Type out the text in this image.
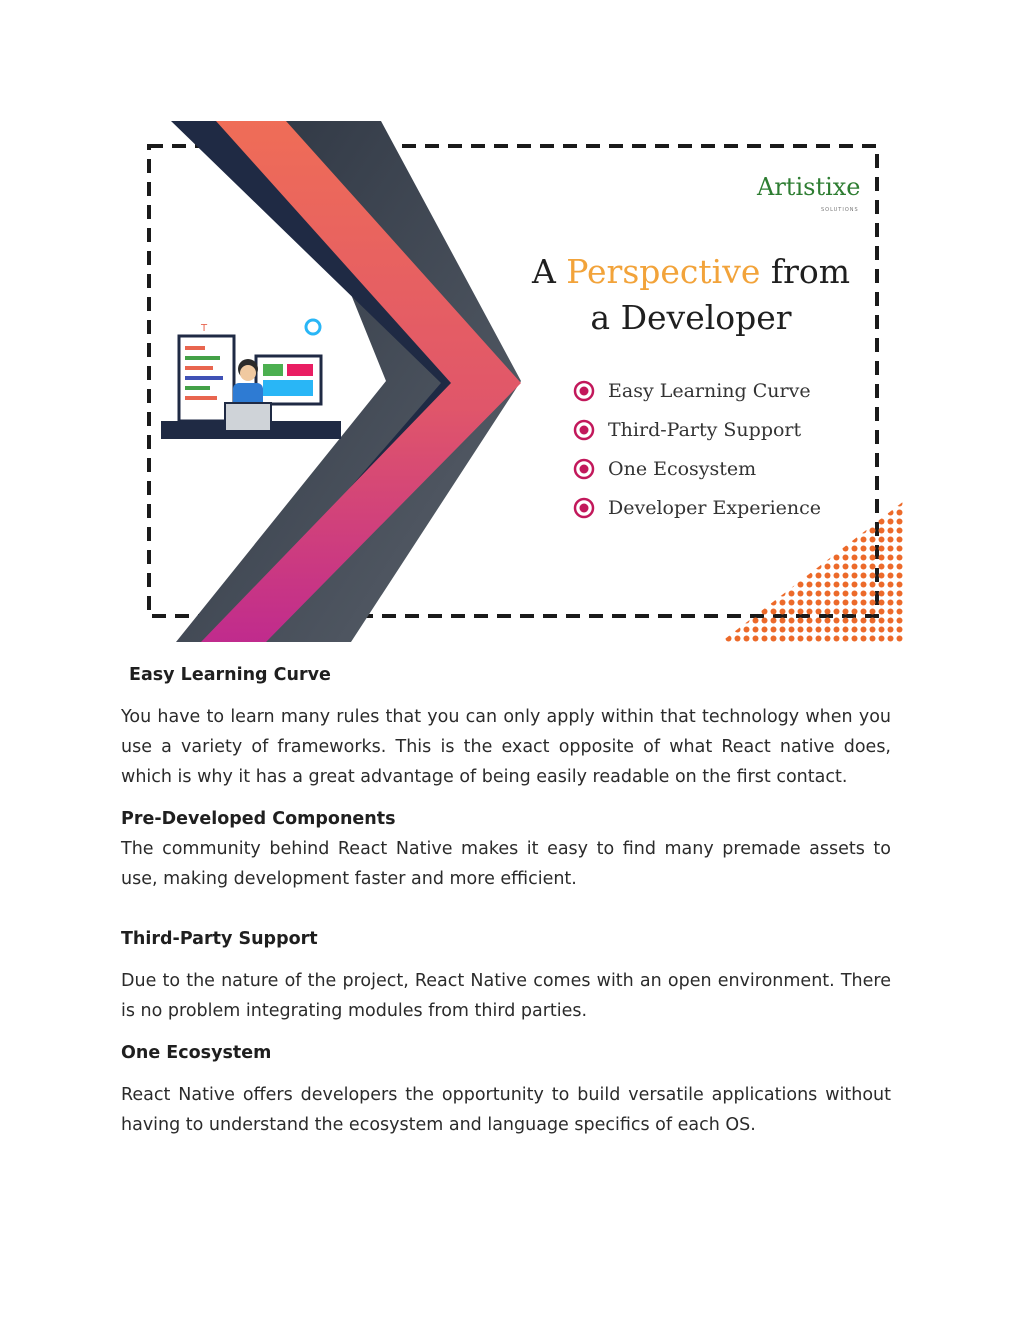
T
Artistixe
SOLUTIONS
A Perspective from
a Developer
Easy Learning Curve
Third-Party Support
One Ecosystem
Developer Experience
Easy Learning Curve

You have to learn many rules that you can only apply within that technology when you use a variety of frameworks. This is the exact opposite of what React native does, which is why it has a great advantage of being easily readable on the first contact.

Pre-Developed Components

The community behind React Native makes it easy to find many premade assets to use, making development faster and more efficient.

Third-Party Support

Due to the nature of the project, React Native comes with an open environment. There is no problem integrating modules from third parties.

One Ecosystem

React Native offers developers the opportunity to build versatile applications without having to understand the ecosystem and language specifics of each OS.
